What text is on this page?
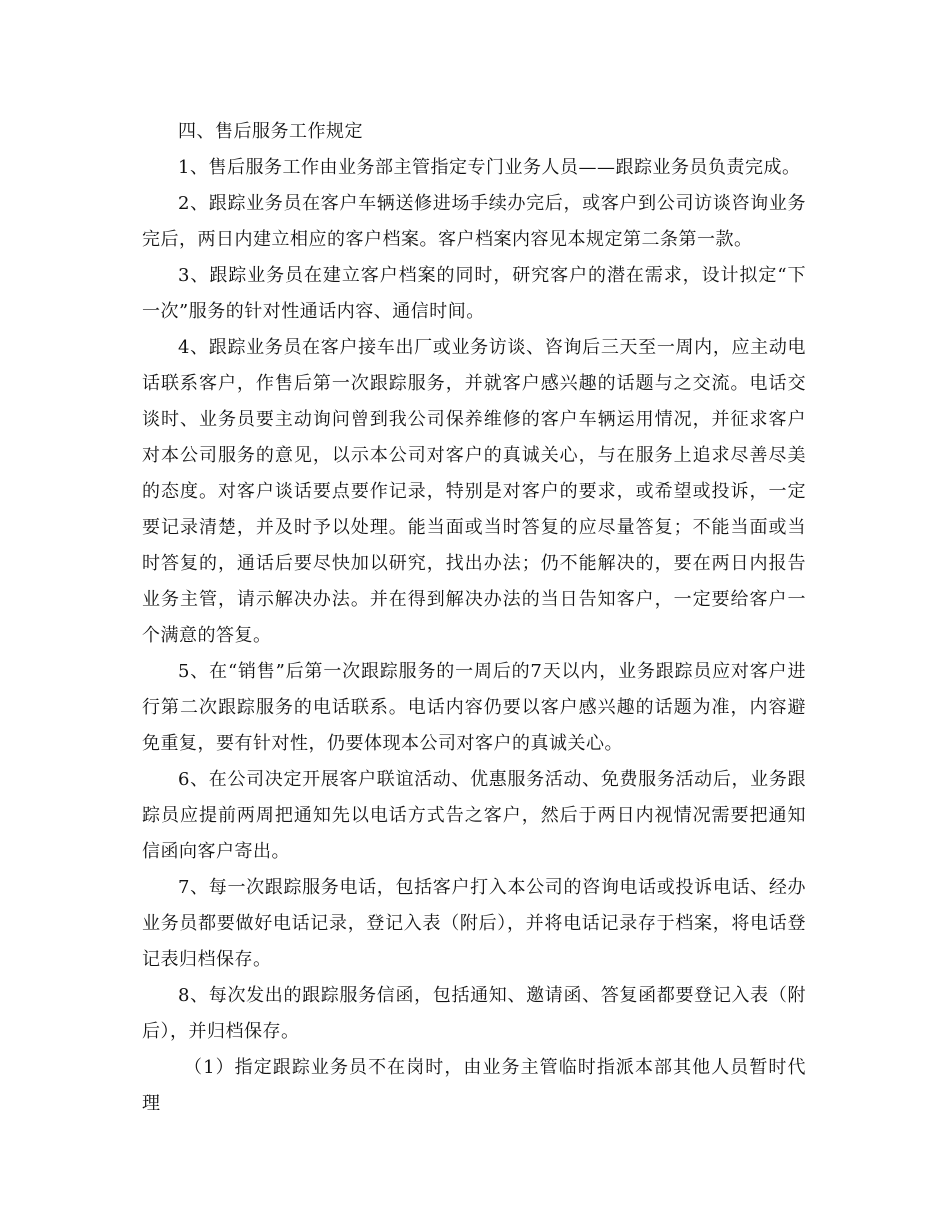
四、售后服务工作规定

1、售后服务工作由业务部主管指定专门业务人员——跟踪业务员负责完成。

2、跟踪业务员在客户车辆送修进场手续办完后，或客户到公司访谈咨询业务完后，两日内建立相应的客户档案。客户档案内容见本规定第二条第一款。

3、跟踪业务员在建立客户档案的同时，研究客户的潜在需求，设计拟定“下一次”服务的针对性通话内容、通信时间。

4、跟踪业务员在客户接车出厂或业务访谈、咨询后三天至一周内，应主动电话联系客户，作售后第一次跟踪服务，并就客户感兴趣的话题与之交流。电话交谈时、业务员要主动询问曾到我公司保养维修的客户车辆运用情况，并征求客户对本公司服务的意见，以示本公司对客户的真诚关心，与在服务上追求尽善尽美的态度。对客户谈话要点要作记录，特别是对客户的要求，或希望或投诉，一定要记录清楚，并及时予以处理。能当面或当时答复的应尽量答复；不能当面或当时答复的，通话后要尽快加以研究，找出办法；仍不能解决的，要在两日内报告业务主管，请示解决办法。并在得到解决办法的当日告知客户，一定要给客户一个满意的答复。

5、在“销售”后第一次跟踪服务的一周后的7天以内，业务跟踪员应对客户进行第二次跟踪服务的电话联系。电话内容仍要以客户感兴趣的话题为准，内容避免重复，要有针对性，仍要体现本公司对客户的真诚关心。

6、在公司决定开展客户联谊活动、优惠服务活动、免费服务活动后，业务跟踪员应提前两周把通知先以电话方式告之客户，然后于两日内视情况需要把通知信函向客户寄出。

7、每一次跟踪服务电话，包括客户打入本公司的咨询电话或投诉电话、经办业务员都要做好电话记录，登记入表（附后），并将电话记录存于档案，将电话登记表归档保存。

8、每次发出的跟踪服务信函，包括通知、邀请函、答复函都要登记入表（附后），并归档保存。

（1）指定跟踪业务员不在岗时，由业务主管临时指派本部其他人员暂时代理
